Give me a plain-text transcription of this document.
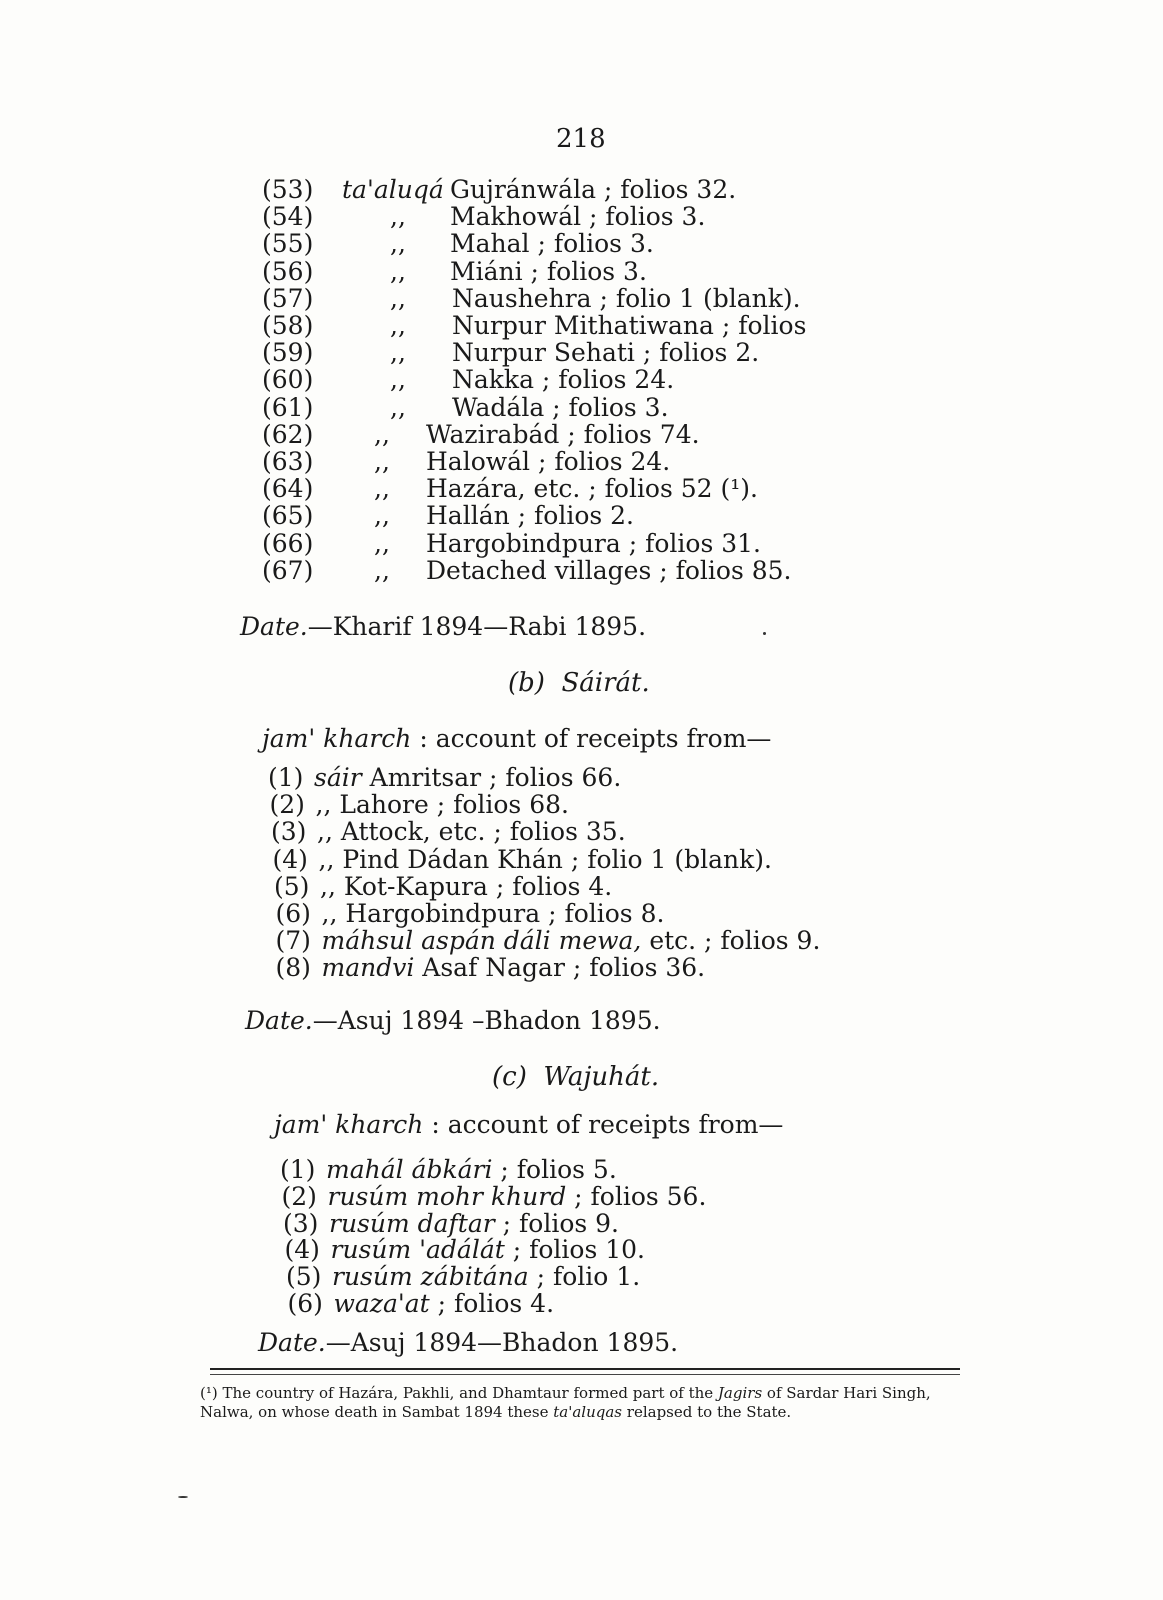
218
(53) ta'aluqá Gujránwála ; folios 32.
(54)	,, Makhowál ; folios 3.
(55)	,, Mahal ; folios 3.
(56)	,, Miáni ; folios 3.
(57)	,, Naushehra ; folio 1 (blank).
(58)	,, Nurpur Mithatiwana ; folios
(59)	,, Nurpur Sehati ; folios 2.
(60)	,, Nakka ; folios 24.
(61)	,, Wadála ; folios 3.
(62) ,, Wazirabád ; folios 74.
(63) ,, Halowál ; folios 24.
(64) ,, Hazára, etc. ; folios 52 (¹).
(65) ,, Hallán ; folios 2.
(66) ,, Hargobindpura ; folios 31.
(67) ,, Detached villages ; folios 85.
Date.—Kharif 1894—Rabi 1895.
(b) Sáirát.
jam' kharch : account of receipts from—
(1) sáir Amritsar ; folios 66.
(2) ,, Lahore ; folios 68.
(3) ,, Attock, etc. ; folios 35.
(4) ,, Pind Dádan Khán ; folio 1 (blank).
(5) ,, Kot-Kapura ; folios 4.
(6) ,, Hargobindpura ; folios 8.
(7) máhsul aspán dáli mewa, etc. ; folios 9.
(8) mandvi Asaf Nagar ; folios 36.
Date.—Asuj 1894 –Bhadon 1895.
(c) Wajuhát.
jam' kharch : account of receipts from—
(1) mahál ábkári ; folios 5.
(2) rusúm mohr khurd ; folios 56.
(3) rusúm daftar ; folios 9.
(4) rusúm 'adálát ; folios 10.
(5) rusúm zábitána ; folio 1.
(6) waza'at ; folios 4.
Date.—Asuj 1894—Bhadon 1895.
(¹) The country of Hazára, Pakhli, and Dhamtaur formed part of the Jagirs of Sardar Hari Singh, Nalwa, on whose death in Sambat 1894 these ta'aluqas relapsed to the State.
